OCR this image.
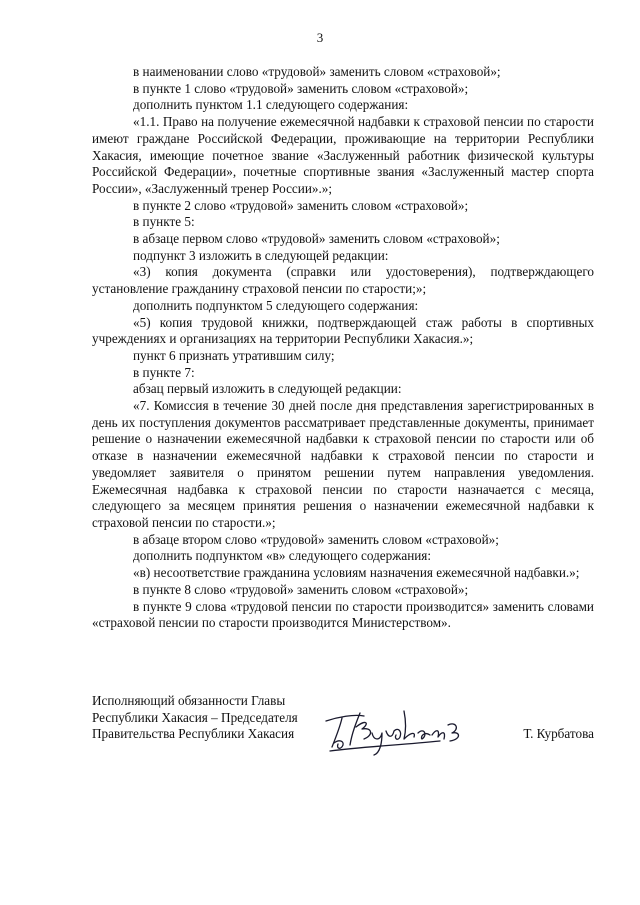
3

в наименовании слово «трудовой» заменить словом «страховой»;

в пункте 1 слово «трудовой» заменить словом «страховой»;

дополнить пунктом 1.1 следующего содержания:

«1.1. Право на получение ежемесячной надбавки к страховой пенсии по старости имеют граждане Российской Федерации, проживающие на территории Республики Хакасия, имеющие почетное звание «Заслуженный работник физической культуры Российской Федерации», почетные спортивные звания «Заслуженный мастер спорта России», «Заслуженный тренер России».»;

в пункте 2 слово «трудовой» заменить словом «страховой»;

в пункте 5:

в абзаце первом слово «трудовой» заменить словом «страховой»;

подпункт 3 изложить в следующей редакции:

«3) копия документа (справки или удостоверения), подтверждающего установление гражданину страховой пенсии по старости;»;

дополнить подпунктом 5 следующего содержания:

«5) копия трудовой книжки, подтверждающей стаж работы в спортивных учреждениях и организациях на территории Республики Хакасия.»;

пункт 6 признать утратившим силу;

в пункте 7:

абзац первый изложить в следующей редакции:

«7. Комиссия в течение 30 дней после дня представления зарегистрированных в день их поступления документов рассматривает представленные документы, принимает решение о назначении ежемесячной надбавки к страховой пенсии по старости или об отказе в назначении ежемесячной надбавки к страховой пенсии по старости и уведомляет заявителя о принятом решении путем направления уведомления. Ежемесячная надбавка к страховой пенсии по старости назначается с месяца, следующего за месяцем принятия решения о назначении ежемесячной надбавки к страховой пенсии по старости.»;

в абзаце втором слово «трудовой» заменить словом «страховой»;

дополнить подпунктом «в» следующего содержания:

«в) несоответствие гражданина условиям назначения ежемесячной надбавки.»;

в пункте 8 слово «трудовой» заменить словом «страховой»;

в пункте 9 слова «трудовой пенсии по старости производится» заменить словами «страховой пенсии по старости производится Министерством».

Исполняющий обязанности Главы
Республики Хакасия – Председателя
Правительства Республики Хакасия	Т. Курбатова
